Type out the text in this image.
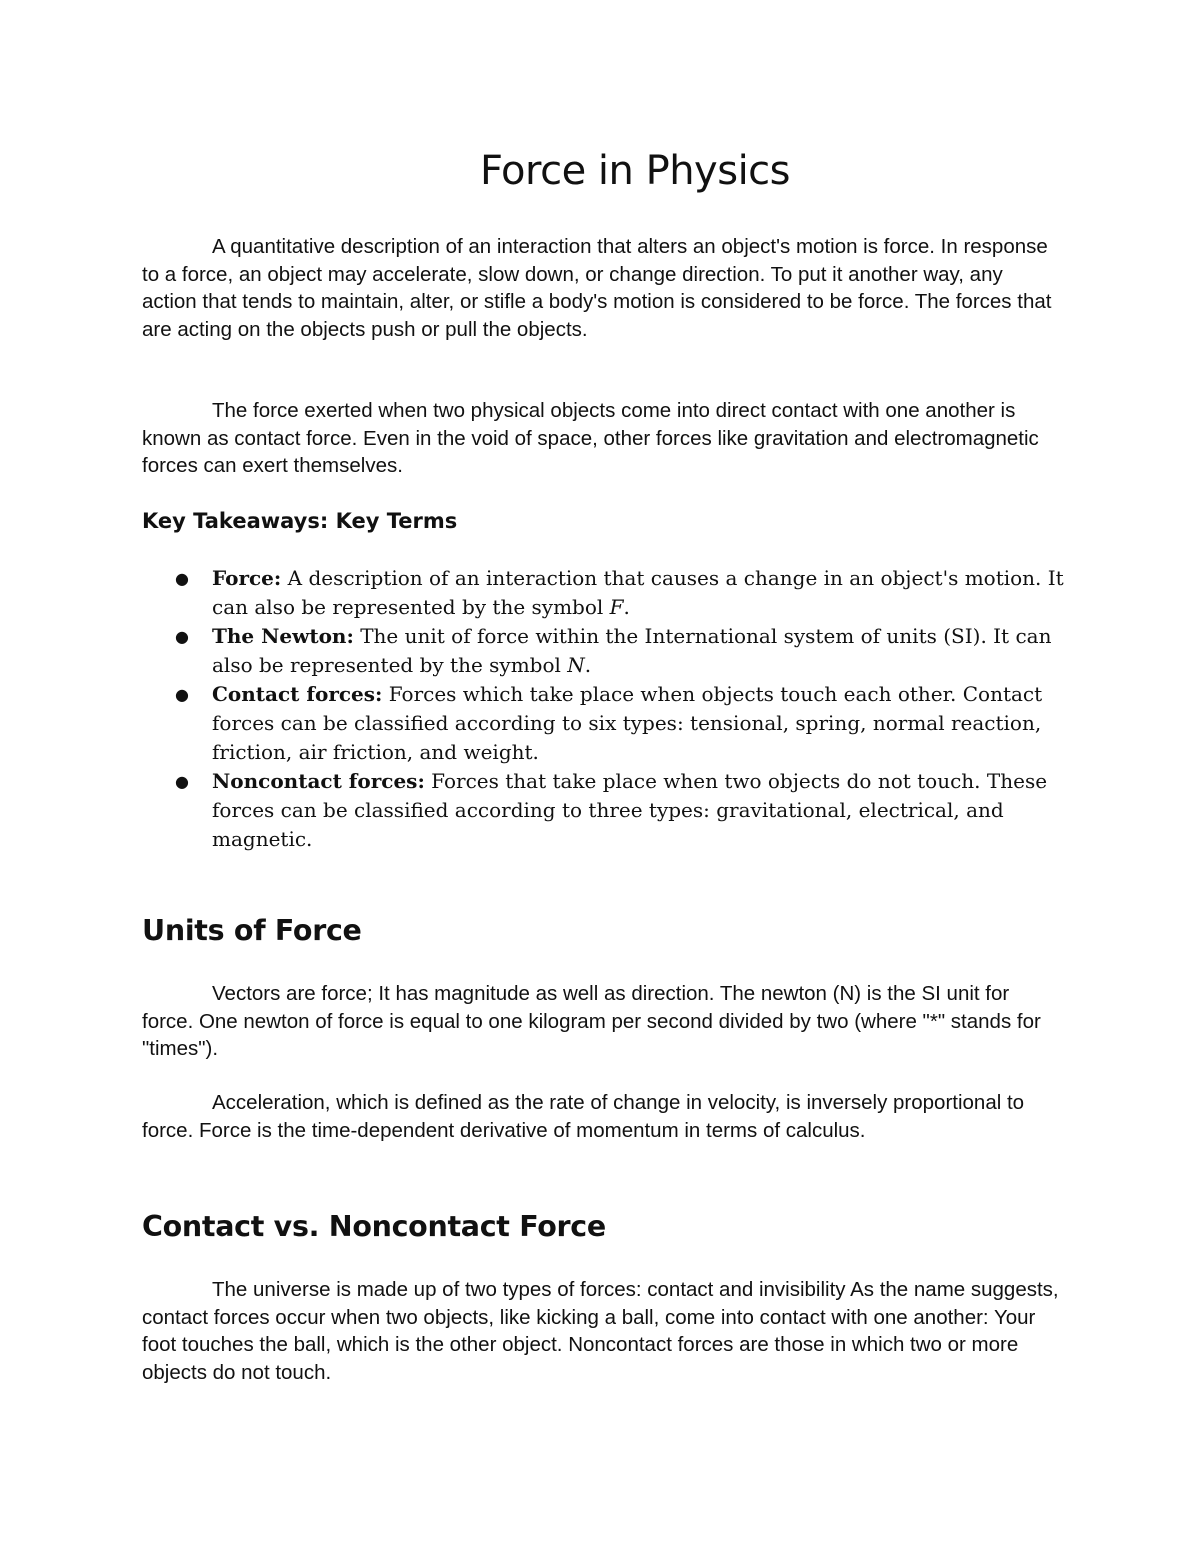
Force in Physics

A quantitative description of an interaction that alters an object's motion is force. In response to a force, an object may accelerate, slow down, or change direction. To put it another way, any action that tends to maintain, alter, or stifle a body's motion is considered to be force. The forces that are acting on the objects push or pull the objects.

The force exerted when two physical objects come into direct contact with one another is known as contact force. Even in the void of space, other forces like gravitation and electromagnetic forces can exert themselves.

Key Takeaways: Key Terms
● Force: A description of an interaction that causes a change in an object's motion. It can also be represented by the symbol F.
● The Newton: The unit of force within the International system of units (SI). It can also be represented by the symbol N.
● Contact forces: Forces which take place when objects touch each other. Contact forces can be classified according to six types: tensional, spring, normal reaction, friction, air friction, and weight.
● Noncontact forces: Forces that take place when two objects do not touch. These forces can be classified according to three types: gravitational, electrical, and magnetic.
Units of Force

Vectors are force; It has magnitude as well as direction. The newton (N) is the SI unit for force. One newton of force is equal to one kilogram per second divided by two (where "*" stands for "times").

Acceleration, which is defined as the rate of change in velocity, is inversely proportional to force. Force is the time-dependent derivative of momentum in terms of calculus.

Contact vs. Noncontact Force

The universe is made up of two types of forces: contact and invisibility As the name suggests, contact forces occur when two objects, like kicking a ball, come into contact with one another: Your foot touches the ball, which is the other object. Noncontact forces are those in which two or more objects do not touch.
